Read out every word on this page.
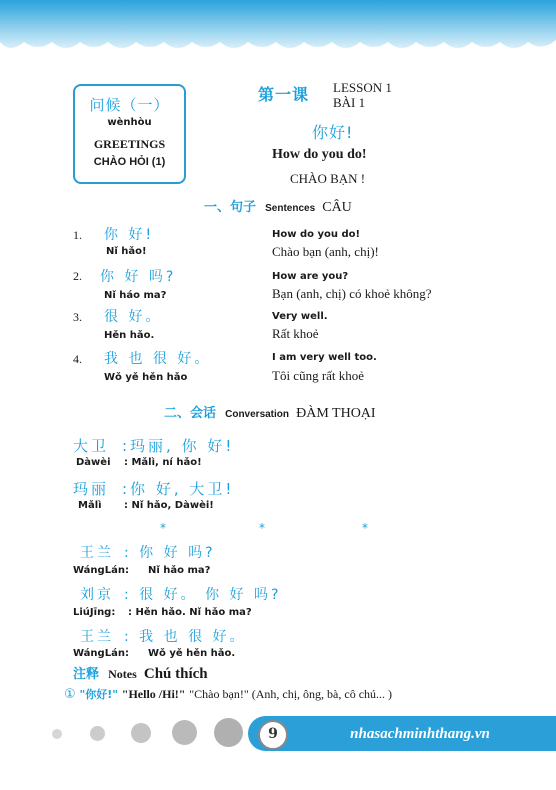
问候（一）
wènhòu
GREETINGS
CHÀO HỎI (1)
第一课 LESSON 1
BÀI 1
你好!
How do you do!
CHÀO BẠN !
一、句子 Sentences CÂU
1. 你 好!
Nǐ hǎo!
How do you do!
Chào bạn (anh, chị)!
2. 你 好 吗?
Nǐ háo ma?
How are you?
Bạn (anh, chị) có khoẻ không?
3. 很 好。
Hěn hǎo.
Very well.
Rất khoẻ
4. 我 也 很 好。
Wǒ yě hěn hǎo
I am very well too.
Tôi cũng rất khoẻ
二、会话 Conversation ĐÀM THOẠI
大卫 :玛丽, 你 好!
Dàwèi : Mǎlì, ní hǎo!
玛丽 :你 好, 大卫!
Mǎlì : Nǐ hǎo, Dàwèi!
*	*	*
王兰 : 你 好 吗?
WángLán: Nǐ hǎo ma?
刘京 : 很 好。 你 好 吗?
LiúJīng: : Hěn hǎo. Nǐ hǎo ma?
王兰 : 我 也 很 好。
WángLán: Wǒ yě hěn hǎo.
注释 Notes Chú thích
① "你好!" "Hello /Hi!" "Chào bạn!" (Anh, chị, ông, bà, cô chú... )
9	nhasachminhthang.vn
